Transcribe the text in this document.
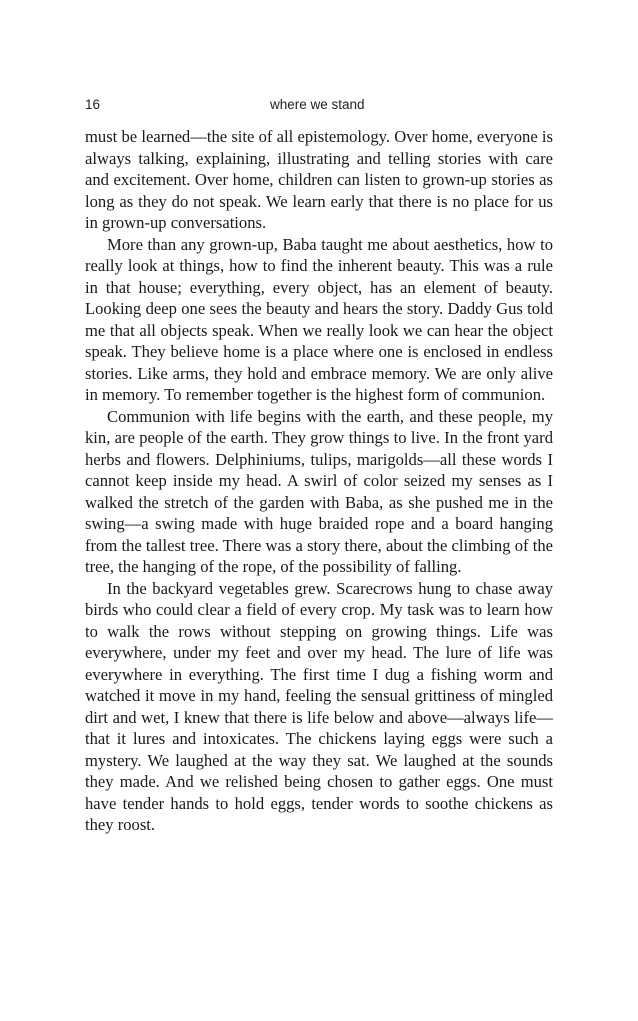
16	where we stand

must be learned—the site of all epistemology. Over home, everyone is always talking, explaining, illustrating and telling stories with care and excitement. Over home, children can listen to grown-up stories as long as they do not speak. We learn early that there is no place for us in grown-up conversations.

More than any grown-up, Baba taught me about aesthetics, how to really look at things, how to find the inherent beauty. This was a rule in that house; everything, every object, has an element of beauty. Looking deep one sees the beauty and hears the story. Daddy Gus told me that all objects speak. When we really look we can hear the object speak. They believe home is a place where one is enclosed in endless stories. Like arms, they hold and embrace memory. We are only alive in memory. To remember together is the highest form of communion.

Communion with life begins with the earth, and these people, my kin, are people of the earth. They grow things to live. In the front yard herbs and flowers. Delphiniums, tulips, marigolds—all these words I cannot keep inside my head. A swirl of color seized my senses as I walked the stretch of the garden with Baba, as she pushed me in the swing—a swing made with huge braided rope and a board hanging from the tallest tree. There was a story there, about the climbing of the tree, the hanging of the rope, of the possibility of falling.

In the backyard vegetables grew. Scarecrows hung to chase away birds who could clear a field of every crop. My task was to learn how to walk the rows without stepping on growing things. Life was everywhere, under my feet and over my head. The lure of life was everywhere in everything. The first time I dug a fishing worm and watched it move in my hand, feeling the sensual grittiness of mingled dirt and wet, I knew that there is life below and above—always life—that it lures and intoxicates. The chickens laying eggs were such a mystery. We laughed at the way they sat. We laughed at the sounds they made. And we relished being chosen to gather eggs. One must have tender hands to hold eggs, tender words to soothe chickens as they roost.
